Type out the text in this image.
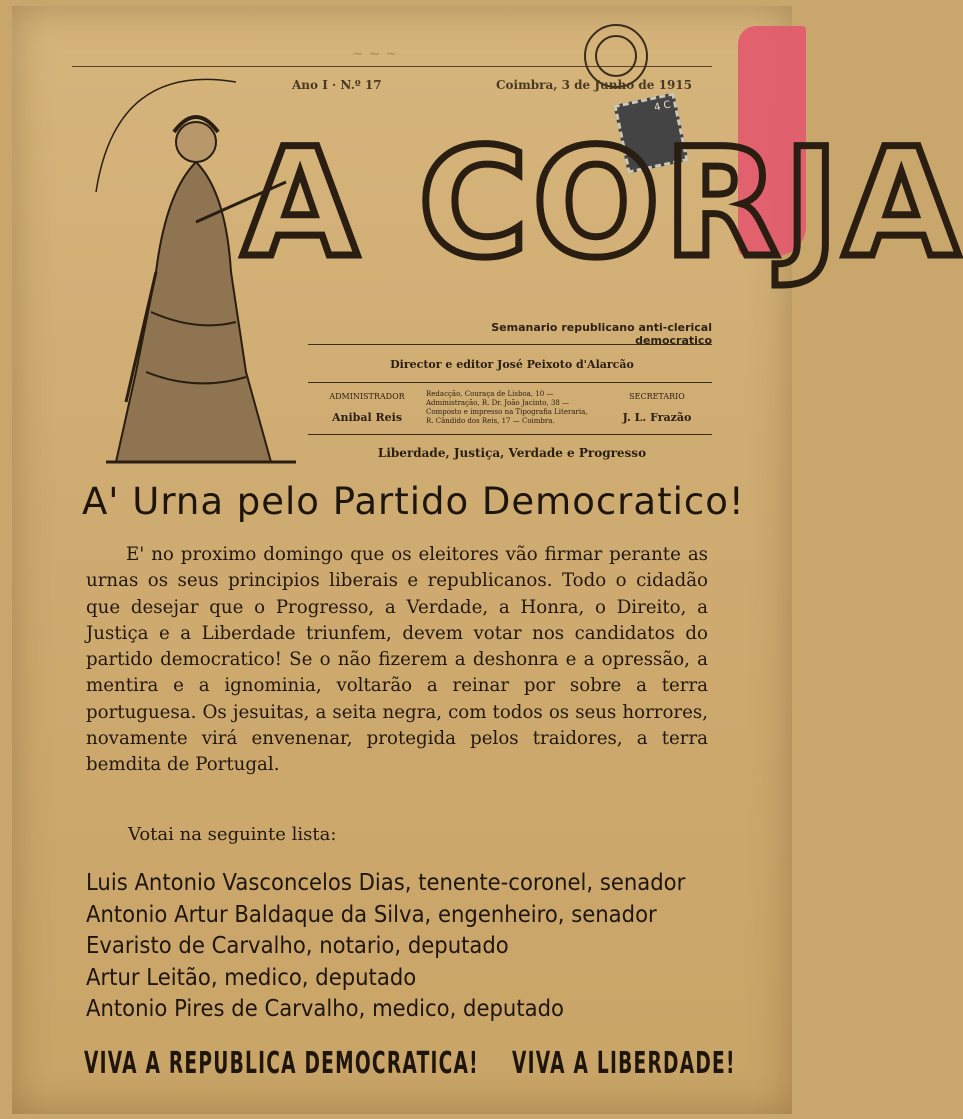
~ ~ ~
Ano I · N.º 17	Coimbra, 3 de Junho de 1915
4 C
A CORJA
Semanario republicano anti-clerical democratico
Director e editor José Peixoto d'Alarcão
ADMINISTRADOR
Anibal Reis
Redacção, Couraça de Lisboa, 10 — Administração, R. Dr. João Jacinto, 38 — Composto e impresso na Tipografia Literaria, R. Cândido dos Reis, 17 — Coimbra.
SECRETARIO
J. L. Frazão
Liberdade, Justiça, Verdade e Progresso
A' Urna pelo Partido Democratico!
E' no proximo domingo que os eleitores vão firmar perante as urnas os seus principios liberais e republicanos. Todo o cidadão que desejar que o Progresso, a Verdade, a Honra, o Direito, a Justiça e a Liberdade triunfem, devem votar nos candidatos do partido democratico! Se o não fizerem a deshonra e a opressão, a mentira e a ignominia, voltarão a reinar por sobre a terra portuguesa. Os jesuitas, a seita negra, com todos os seus horrores, novamente virá envenenar, protegida pelos traidores, a terra bemdita de Portugal.
Votai na seguinte lista:
Luis Antonio Vasconcelos Dias, tenente-coronel, senador
Antonio Artur Baldaque da Silva, engenheiro, senador
Evaristo de Carvalho, notario, deputado
Artur Leitão, medico, deputado
Antonio Pires de Carvalho, medico, deputado
VIVA A REPUBLICA DEMOCRATICA! VIVA A LIBERDADE!
